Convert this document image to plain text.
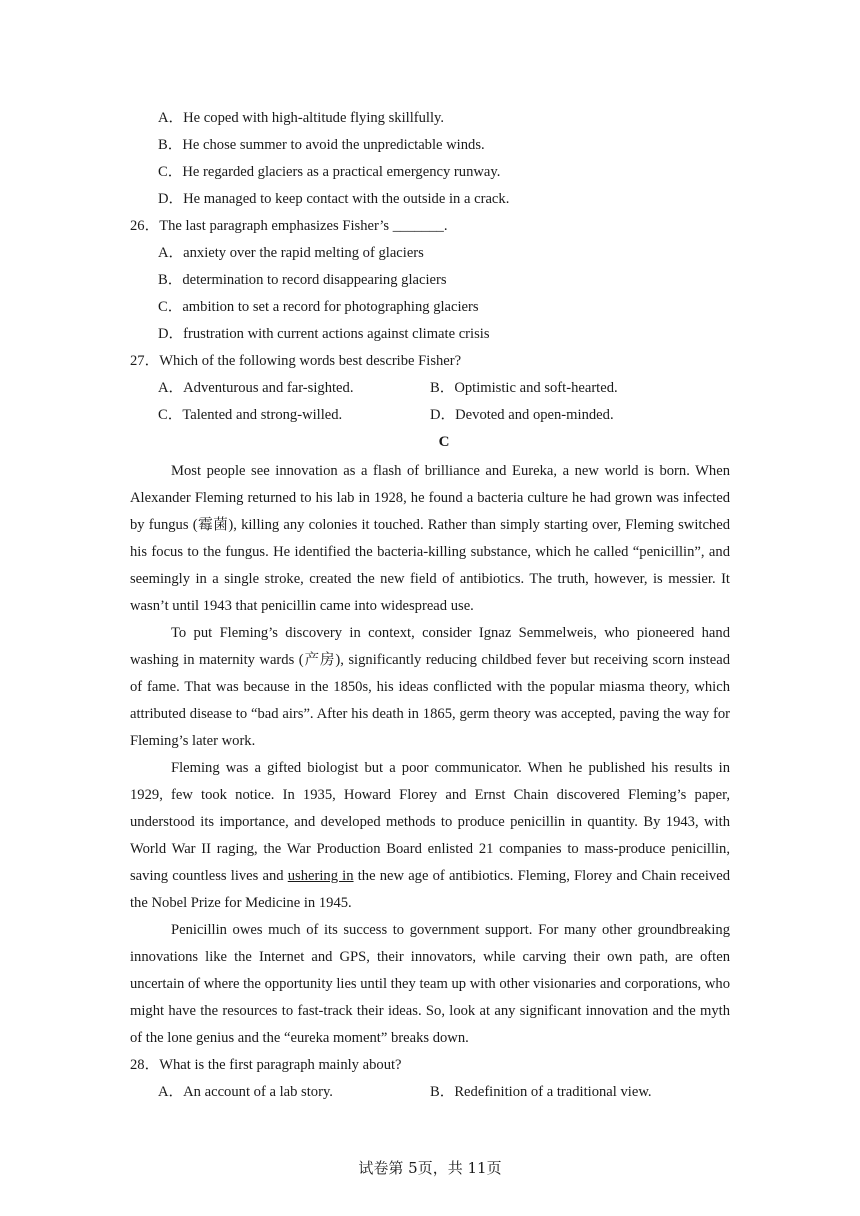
A．He coped with high-altitude flying skillfully.
B．He chose summer to avoid the unpredictable winds.
C．He regarded glaciers as a practical emergency runway.
D．He managed to keep contact with the outside in a crack.
26．The last paragraph emphasizes Fisher’s _______.
A．anxiety over the rapid melting of glaciers
B．determination to record disappearing glaciers
C．ambition to set a record for photographing glaciers
D．frustration with current actions against climate crisis
27．Which of the following words best describe Fisher?
A．Adventurous and far-sighted.	B．Optimistic and soft-hearted.
C．Talented and strong-willed.	D．Devoted and open-minded.
C

Most people see innovation as a flash of brilliance and Eureka, a new world is born. When Alexander Fleming returned to his lab in 1928, he found a bacteria culture he had grown was infected by fungus (霉菌), killing any colonies it touched. Rather than simply starting over, Fleming switched his focus to the fungus. He identified the bacteria-killing substance, which he called “penicillin”, and seemingly in a single stroke, created the new field of antibiotics. The truth, however, is messier. It wasn’t until 1943 that penicillin came into widespread use.

To put Fleming’s discovery in context, consider Ignaz Semmelweis, who pioneered hand washing in maternity wards (产房), significantly reducing childbed fever but receiving scorn instead of fame. That was because in the 1850s, his ideas conflicted with the popular miasma theory, which attributed disease to “bad airs”. After his death in 1865, germ theory was accepted, paving the way for Fleming’s later work.

Fleming was a gifted biologist but a poor communicator. When he published his results in 1929, few took notice. In 1935, Howard Florey and Ernst Chain discovered Fleming’s paper, understood its importance, and developed methods to produce penicillin in quantity. By 1943, with World War II raging, the War Production Board enlisted 21 companies to mass-produce penicillin, saving countless lives and ushering in the new age of antibiotics. Fleming, Florey and Chain received the Nobel Prize for Medicine in 1945.

Penicillin owes much of its success to government support. For many other groundbreaking innovations like the Internet and GPS, their innovators, while carving their own path, are often uncertain of where the opportunity lies until they team up with other visionaries and corporations, who might have the resources to fast-track their ideas. So, look at any significant innovation and the myth of the lone genius and the “eureka moment” breaks down.

28．What is the first paragraph mainly about?
A．An account of a lab story.	B．Redefinition of a traditional view.
试卷第 5页，共 11页
